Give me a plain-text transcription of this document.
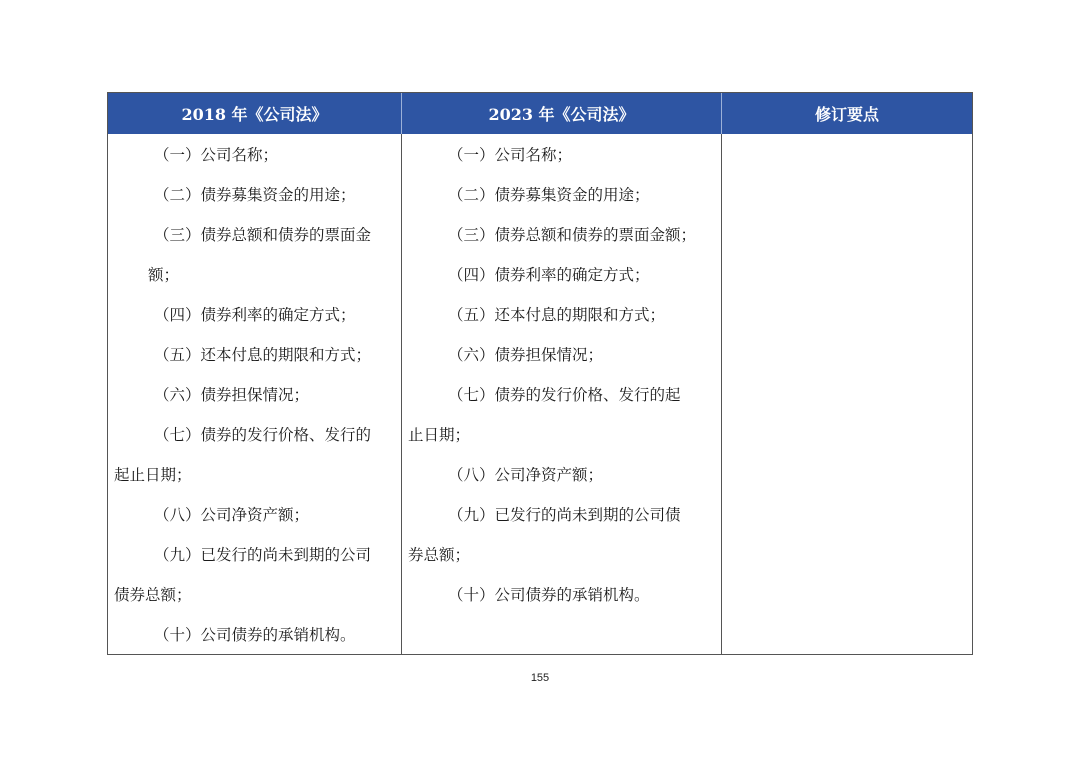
2018 年《公司法》	2023 年《公司法》	修订要点
（一）公司名称；
（二）债券募集资金的用途；
（三）债券总额和债券的票面金
额；
（四）债券利率的确定方式；
（五）还本付息的期限和方式；
（六）债券担保情况；
（七）债券的发行价格、发行的
起止日期；
（八）公司净资产额；
（九）已发行的尚未到期的公司
债券总额；
（十）公司债券的承销机构。
（一）公司名称；
（二）债券募集资金的用途；
（三）债券总额和债券的票面金额；
（四）债券利率的确定方式；
（五）还本付息的期限和方式；
（六）债券担保情况；
（七）债券的发行价格、发行的起
止日期；
（八）公司净资产额；
（九）已发行的尚未到期的公司债
券总额；
（十）公司债券的承销机构。
155
